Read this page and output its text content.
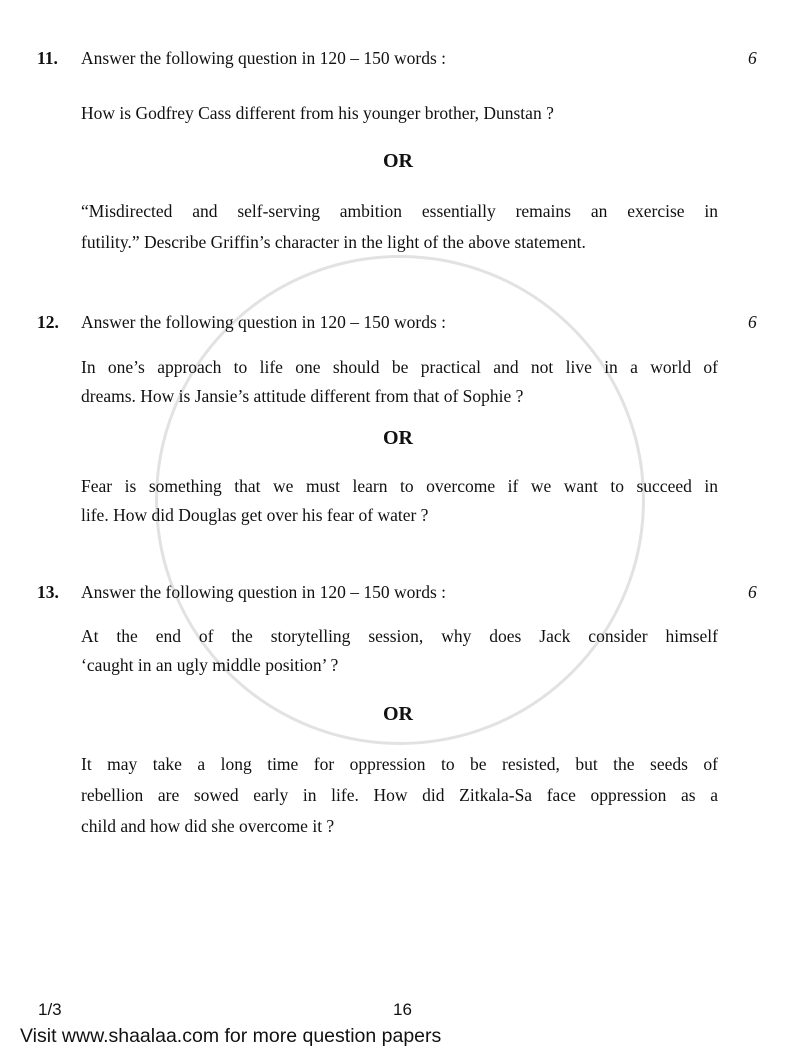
11. Answer the following question in 120 – 150 words :	6
How is Godfrey Cass different from his younger brother, Dunstan ?
OR
“Misdirected and self-serving ambition essentially remains an exercise in
futility.” Describe Griffin’s character in the light of the above statement.
12. Answer the following question in 120 – 150 words :	6
In one’s approach to life one should be practical and not live in a world of
dreams. How is Jansie’s attitude different from that of Sophie ?
OR
Fear is something that we must learn to overcome if we want to succeed in
life. How did Douglas get over his fear of water ?
13. Answer the following question in 120 – 150 words :	6
At the end of the storytelling session, why does Jack consider himself
‘caught in an ugly middle position’ ?
OR
It may take a long time for oppression to be resisted, but the seeds of
rebellion are sowed early in life. How did Zitkala-Sa face oppression as a
child and how did she overcome it ?
1/3	16
Visit www.shaalaa.com for more question papers
